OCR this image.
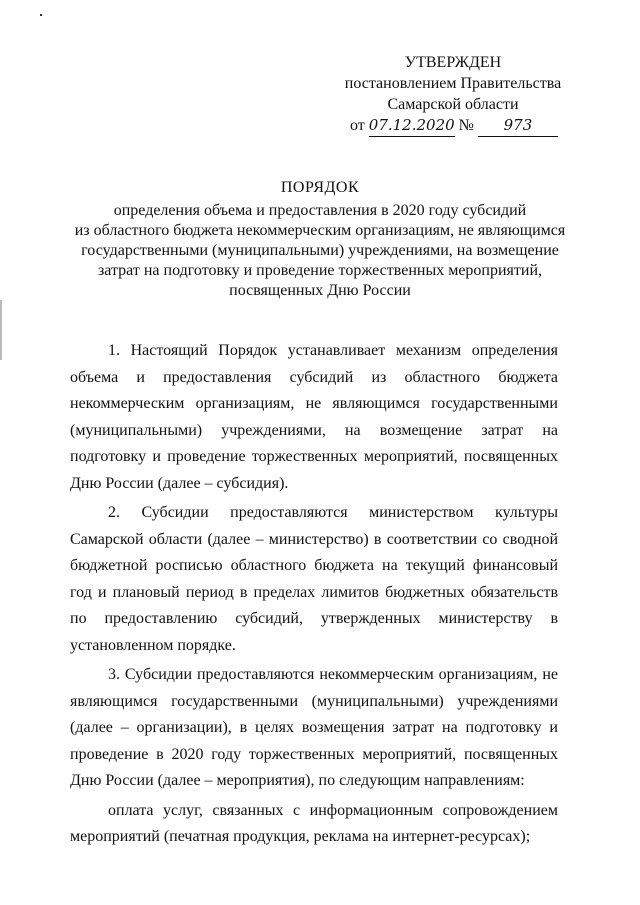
УТВЕРЖДЕН
постановлением Правительства
Самарской области
от 07.12.2020 № 973
ПОРЯДОК
определения объема и предоставления в 2020 году субсидий
из областного бюджета некоммерческим организациям, не являющимся
государственными (муниципальными) учреждениями, на возмещение
затрат на подготовку и проведение торжественных мероприятий,
посвященных Дню России

1. Настоящий Порядок устанавливает механизм определения объема и предоставления субсидий из областного бюджета некоммерческим организациям, не являющимся государственными (муниципальными) учреждениями, на возмещение затрат на подготовку и проведение торжественных мероприятий, посвященных Дню России (далее – субсидия).

2. Субсидии предоставляются министерством культуры Самарской области (далее – министерство) в соответствии со сводной бюджетной росписью областного бюджета на текущий финансовый год и плановый период в пределах лимитов бюджетных обязательств по предоставлению субсидий, утвержденных министерству в установленном порядке.

3. Субсидии предоставляются некоммерческим организациям, не являющимся государственными (муниципальными) учреждениями (далее – организации), в целях возмещения затрат на подготовку и проведение в 2020 году торжественных мероприятий, посвященных Дню России (далее – мероприятия), по следующим направлениям:

оплата услуг, связанных с информационным сопровождением мероприятий (печатная продукция, реклама на интернет-ресурсах);
